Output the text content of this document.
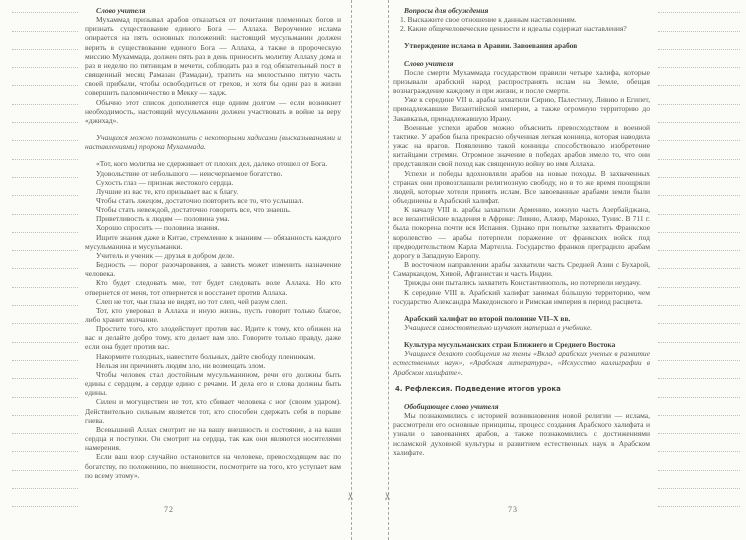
✂ ✂

Слово учителя

Мухаммад призывал арабов отказаться от почитания племенных богов и признать существование единого Бога — Аллаха. Вероучение ислама опирается на пять основных положений: настоящий мусульманин должен верить в существование единого Бога — Аллаха, а также в пророческую миссию Мухаммада, должен пять раз в день приносить молитву Аллаху дома и раз в неделю по пятницам в мечети, соблюдать раз в год обязательный пост в священный месяц Рамазан (Рамадан), тратить на милостыню пятую часть своей прибыли, чтобы освободиться от грехов, и хотя бы один раз в жизни совершить паломничество в Мекку — хадж.

Обычно этот список дополняется еще одним долгом — если возникнет необходимость, настоящий мусульманин должен участвовать в войне за веру «джихад».

Учащихся можно познакомить с некоторыми хадисами (высказываниями и наставлениями) пророка Мухаммада.

«Тот, кого молитва не сдерживает от плохих дел, далеко отошел от Бога.

Удовольствие от небольшого — неисчерпаемое богатство.

Сухость глаз — признак жестокого сердца.

Лучшие из вас те, кто призывает вас к благу.

Чтобы стать лжецом, достаточно повторить все то, что услышал.

Чтобы стать невеждой, достаточно говорить все, что знаешь.

Приветливость к людям — половина ума.

Хорошо спросить — половина знания.

Ищите знания даже в Китае, стремление к знаниям — обязанность каждого мусульманина и мусульманки.

Учитель и ученик — друзья в добром деле.

Бедность — порог разочарования, а зависть может изменить назначение человека.

Кто будет следовать мне, тот будет следовать воле Аллаха. Но кто отвернется от меня, тот отвернется и восстанет против Аллаха.

Слеп не тот, чьи глаза не видят, но тот слеп, чей разум слеп.

Тот, кто уверовал в Аллаха и иную жизнь, пусть говорит только благое, либо хранит молчание.

Простите того, кто злодействует против вас. Идите к тому, кто обижен на вас и делайте добро тому, кто делает вам зло. Говорите только правду, даже если она будет против вас.

Накормите голодных, навестите больных, дайте свободу пленникам.

Нельзя ни причинять людям зло, ни возмещать злом.

Чтобы человек стал достойным мусульманином, речи его должны быть едины с сердцем, а сердце едино с речами. И дела его и слова должны быть едины.

Силен и могуществен не тот, кто сбивает человека с ног (своим ударом). Действительно сильным является тот, кто способен сдержать себя в порыве гнева.

Всевышний Аллах смотрит не на вашу внешность и состояние, а на ваши сердца и поступки. Он смотрит на сердца, так как они являются носителями намерения.

Если ваш взор случайно остановится на человеке, превосходящем вас по богатству, по положению, по внешности, посмотрите на того, кто уступает вам по всему этому».

Вопросы для обсуждения

1. Выскажите свое отношение к данным наставлениям.

2. Какие общечеловеческие ценности и идеалы содержат наставления?

Утверждение ислама в Аравии. Завоевания арабов

Слово учителя

После смерти Мухаммада государством правили четыре халифа, которые призывали арабский народ распространять ислам на Земле, обещая вознаграждение каждому и при жизни, и после смерти.

Уже к середине VII в. арабы захватили Сирию, Палестину, Ливию и Египет, принадлежавшие Византийской империи, а также огромную территорию до Закавказья, принадлежавшую Ирану.

Военные успехи арабов можно объяснить превосходством в военной тактике. У арабов была прекрасно обученная легкая конница, которая наводила ужас на врагов. Появлению такой конницы способствовало изобретение китайцами стремян. Огромное значение в победах арабов имело то, что они представляли свой поход как священную войну во имя Аллаха.

Успехи и победы вдохновляли арабов на новые походы. В захваченных странах они провозглашали религиозную свободу, но в то же время поощряли людей, которые хотели принять ислам. Все завоеванные арабами земли были объединены в Арабский халифат.

К началу VIII в. арабы захватили Армению, южную часть Азербайджана, все византийские владения в Африке: Ливию, Алжир, Марокко, Тунис. В 711 г. была покорена почти вся Испания. Однако при попытке захватить Франкское королевство — арабы потерпели поражение от франкских войск под предводительством Карла Мартелла. Государство франков преградило арабам дорогу в Западную Европу.

В восточном направлении арабы захватили часть Средней Азии с Бухарой, Самаркандом, Хивой, Афганистан и часть Индии.

Трижды они пытались захватить Константинополь, но потерпели неудачу.

К середине VIII в. Арабский халифат занимал бо́льшую территорию, чем государство Александра Македонского и Римская империя в период расцвета.

Арабский халифат во второй половине VII–X вв.

Учащиеся самостоятельно изучают материал в учебнике.

Культура мусульманских стран Ближнего и Среднего Востока

Учащиеся делают сообщения на темы «Вклад арабских ученых в развитие естественных наук», «Арабская литература», «Искусство каллиграфии в Арабском халифате».

4. Рефлексия. Подведение итогов урока

Обобщающее слово учителя

Мы познакомились с историей возникновения новой религии — ислама, рассмотрели его основные принципы, процесс создания Арабского халифата и узнали о завоеваниях арабов, а также познакомились с достижениями исламской духовной культуры и развитием естественных наук в Арабском халифате.

72	73
